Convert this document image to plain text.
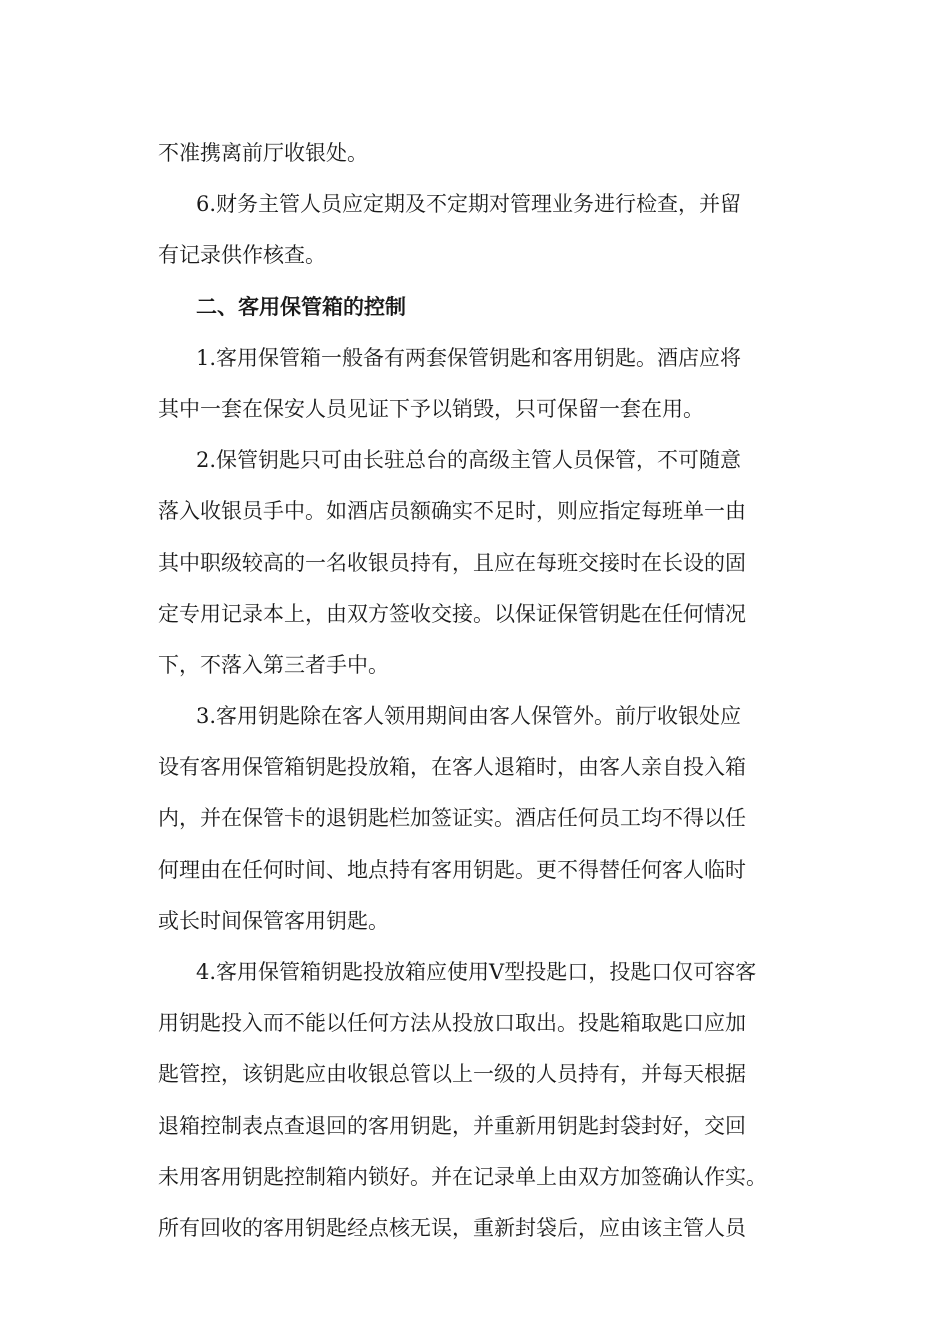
不准携离前厅收银处。
6.财务主管人员应定期及不定期对管理业务进行检查，并留
有记录供作核查。
二、客用保管箱的控制
1.客用保管箱一般备有两套保管钥匙和客用钥匙。酒店应将
其中一套在保安人员见证下予以销毁，只可保留一套在用。
2.保管钥匙只可由长驻总台的高级主管人员保管，不可随意
落入收银员手中。如酒店员额确实不足时，则应指定每班单一由
其中职级较高的一名收银员持有，且应在每班交接时在长设的固
定专用记录本上，由双方签收交接。以保证保管钥匙在任何情况
下，不落入第三者手中。
3.客用钥匙除在客人领用期间由客人保管外。前厅收银处应
设有客用保管箱钥匙投放箱，在客人退箱时，由客人亲自投入箱
内，并在保管卡的退钥匙栏加签证实。酒店任何员工均不得以任
何理由在任何时间、地点持有客用钥匙。更不得替任何客人临时
或长时间保管客用钥匙。
4.客用保管箱钥匙投放箱应使用Ⅴ型投匙口，投匙口仅可容客
用钥匙投入而不能以任何方法从投放口取出。投匙箱取匙口应加
匙管控，该钥匙应由收银总管以上一级的人员持有，并每天根据
退箱控制表点查退回的客用钥匙，并重新用钥匙封袋封好，交回
未用客用钥匙控制箱内锁好。并在记录单上由双方加签确认作实。
所有回收的客用钥匙经点核无误，重新封袋后，应由该主管人员
